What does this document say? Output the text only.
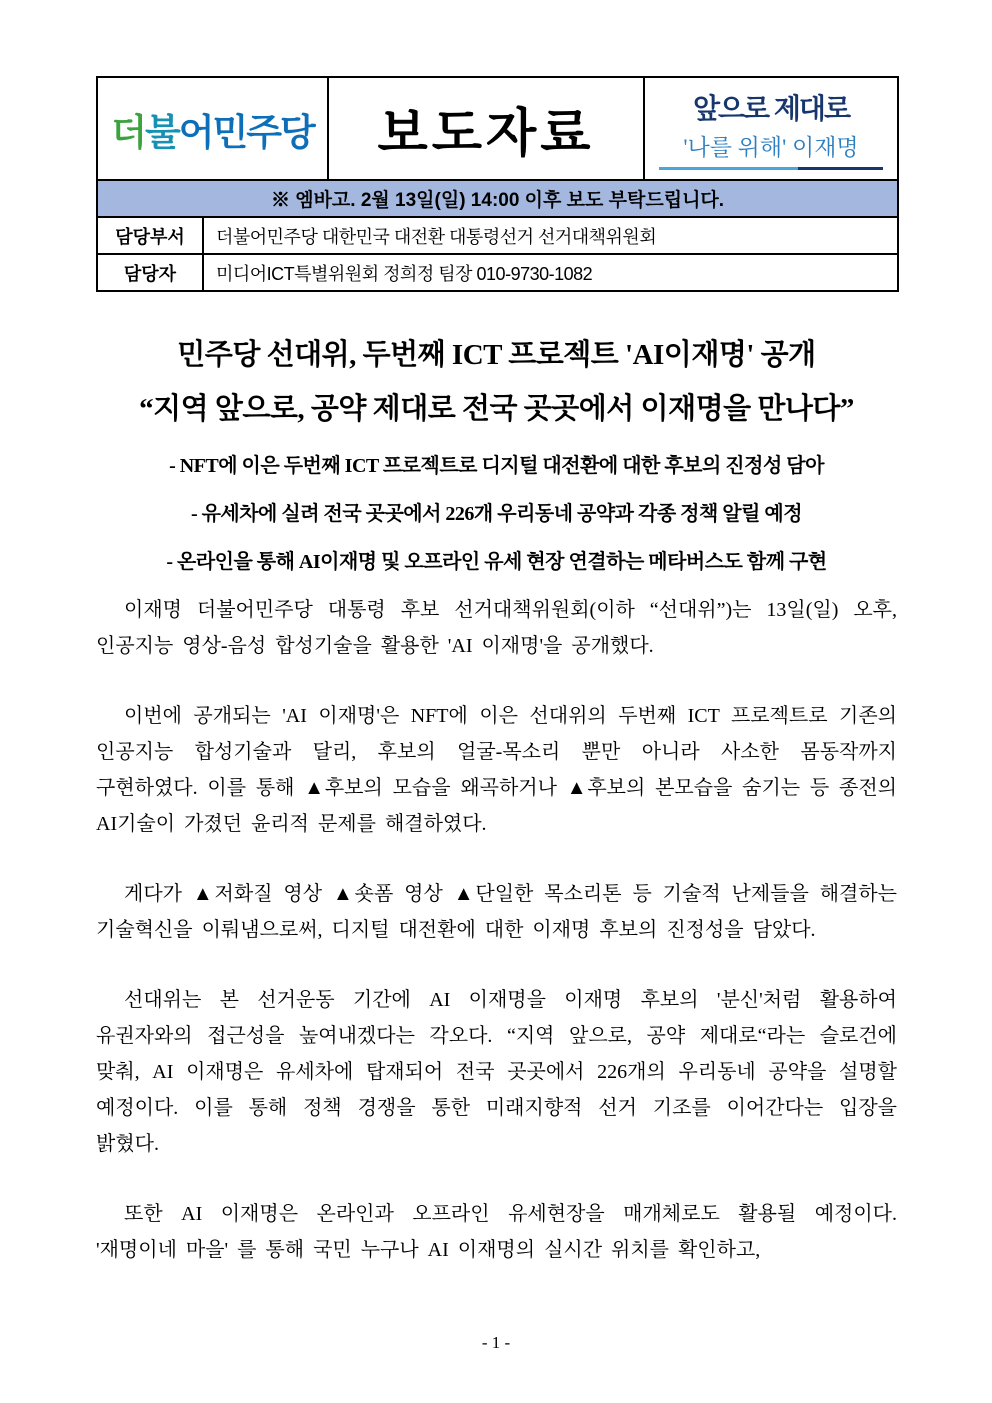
더불어민주당		보도자료	앞으로 제대로
'나를 위해' 이재명

※ 엠바고. 2월 13일(일) 14:00 이후 보도 부탁드립니다.			
담당부서	더불어민주당 대한민국 대전환 대통령선거 선거대책위원회		
담당자	미디어ICT특별위원회 정희정 팀장 010-9730-1082		
민주당 선대위, 두번째 ICT 프로젝트 'AI이재명' 공개
“지역 앞으로, 공약 제대로 전국 곳곳에서 이재명을 만나다”
- NFT에 이은 두번째 ICT 프로젝트로 디지털 대전환에 대한 후보의 진정성 담아
- 유세차에 실려 전국 곳곳에서 226개 우리동네 공약과 각종 정책 알릴 예정
- 온라인을 통해 AI이재명 및 오프라인 유세 현장 연결하는 메타버스도 함께 구현

이재명 더불어민주당 대통령 후보 선거대책위원회(이하 “선대위”)는 13일(일) 오후, 인공지능 영상-음성 합성기술을 활용한 'AI 이재명'을 공개했다.

이번에 공개되는 'AI 이재명'은 NFT에 이은 선대위의 두번째 ICT 프로젝트로 기존의 인공지능 합성기술과 달리, 후보의 얼굴-목소리 뿐만 아니라 사소한 몸동작까지 구현하였다. 이를 통해 ▲후보의 모습을 왜곡하거나 ▲후보의 본모습을 숨기는 등 종전의 AI기술이 가졌던 윤리적 문제를 해결하였다.

게다가 ▲저화질 영상 ▲숏폼 영상 ▲단일한 목소리톤 등 기술적 난제들을 해결하는 기술혁신을 이뤄냄으로써, 디지털 대전환에 대한 이재명 후보의 진정성을 담았다.

선대위는 본 선거운동 기간에 AI 이재명을 이재명 후보의 '분신'처럼 활용하여 유권자와의 접근성을 높여내겠다는 각오다. “지역 앞으로, 공약 제대로“라는 슬로건에 맞춰, AI 이재명은 유세차에 탑재되어 전국 곳곳에서 226개의 우리동네 공약을 설명할 예정이다. 이를 통해 정책 경쟁을 통한 미래지향적 선거 기조를 이어간다는 입장을 밝혔다.

또한 AI 이재명은 온라인과 오프라인 유세현장을 매개체로도 활용될 예정이다. '재명이네 마을' 를 통해 국민 누구나 AI 이재명의 실시간 위치를 확인하고,

- 1 -
